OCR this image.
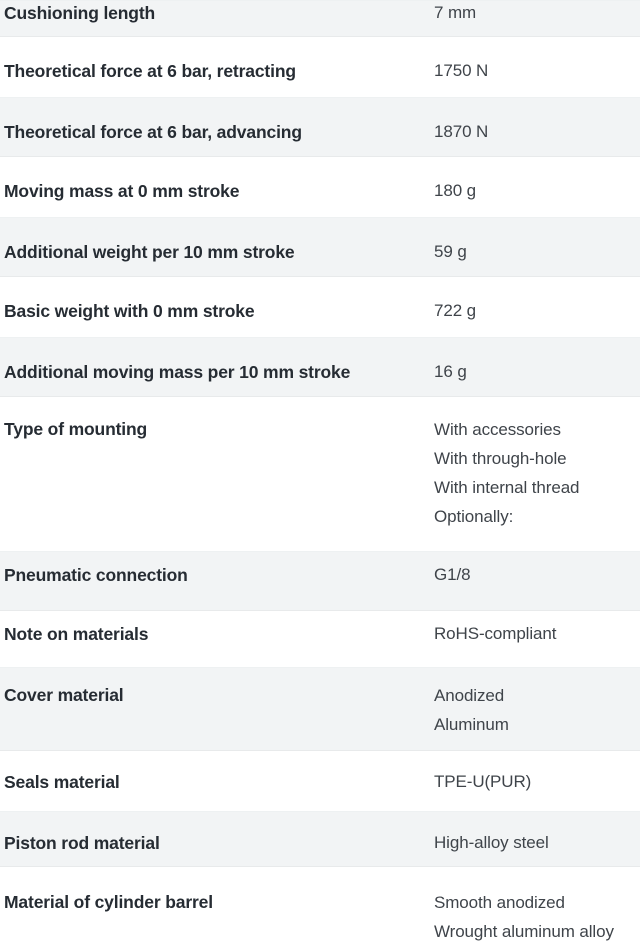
Cushioning length	7 mm
Theoretical force at 6 bar, retracting	1750 N
Theoretical force at 6 bar, advancing	1870 N
Moving mass at 0 mm stroke	180 g
Additional weight per 10 mm stroke	59 g
Basic weight with 0 mm stroke	722 g
Additional moving mass per 10 mm stroke	16 g
Type of mounting	With accessories
With through-hole
With internal thread
Optionally:
Pneumatic connection	G1/8
Note on materials	RoHS-compliant
Cover material	Anodized
Aluminum
Seals material	TPE-U(PUR)
Piston rod material	High-alloy steel
Material of cylinder barrel	Smooth anodized
Wrought aluminum alloy
